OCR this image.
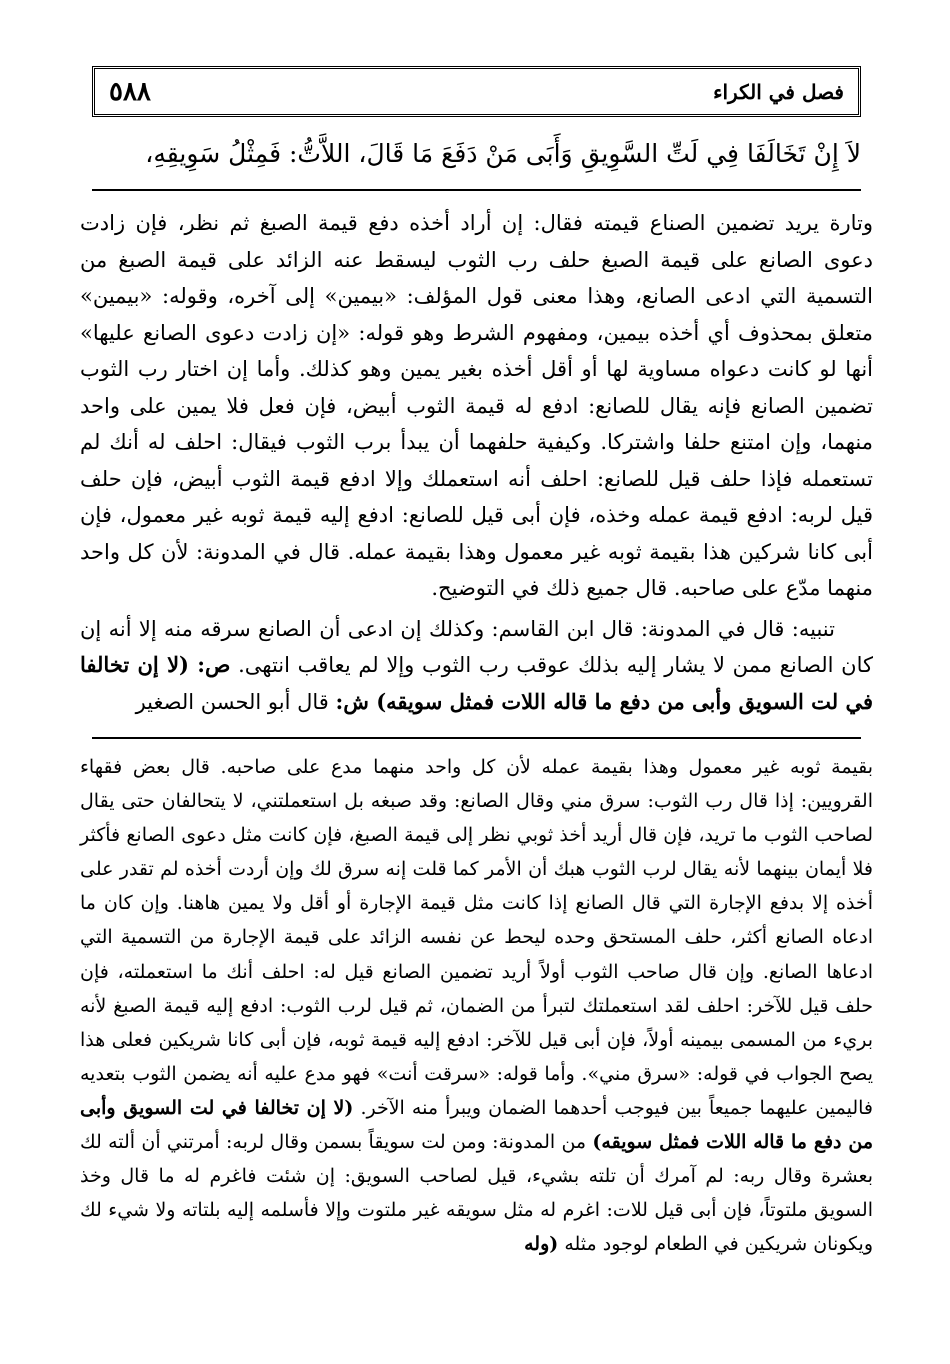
٥٨٨	فصل في الكراء
لاَ إِنْ تَخَالَفَا فِي لَتِّ السَّوِيقِ وَأَبَى مَنْ دَفَعَ مَا قَالَ، اللاَّتُّ: فَمِثْلُ سَوِيقِهِ،

وتارة يريد تضمين الصناع قيمته فقال: إن أراد أخذه دفع قيمة الصبغ ثم نظر، فإن زادت دعوى الصانع على قيمة الصبغ حلف رب الثوب ليسقط عنه الزائد على قيمة الصبغ من التسمية التي ادعى الصانع، وهذا معنى قول المؤلف: «بيمين» إلى آخره، وقوله: «بيمين» متعلق بمحذوف أي أخذه بيمين، ومفهوم الشرط وهو قوله: «إن زادت دعوى الصانع عليها» أنها لو كانت دعواه مساوية لها أو أقل أخذه بغير يمين وهو كذلك. وأما إن اختار رب الثوب تضمين الصانع فإنه يقال للصانع: ادفع له قيمة الثوب أبيض، فإن فعل فلا يمين على واحد منهما، وإن امتنع حلفا واشتركا. وكيفية حلفهما أن يبدأ برب الثوب فيقال: احلف له أنك لم تستعمله فإذا حلف قيل للصانع: احلف أنه استعملك وإلا ادفع قيمة الثوب أبيض، فإن حلف قيل لربه: ادفع قيمة عمله وخذه، فإن أبى قيل للصانع: ادفع إليه قيمة ثوبه غير معمول، فإن أبى كانا شركين هذا بقيمة ثوبه غير معمول وهذا بقيمة عمله. قال في المدونة: لأن كل واحد منهما مدّع على صاحبه. قال جميع ذلك في التوضيح.

تنبيه: قال في المدونة: قال ابن القاسم: وكذلك إن ادعى أن الصانع سرقه منه إلا أنه إن كان الصانع ممن لا يشار إليه بذلك عوقب رب الثوب وإلا لم يعاقب انتهى. ص: (لا إن تخالفا في لت السويق وأبى من دفع ما قاله اللات فمثل سويقه) ش: قال أبو الحسن الصغير

بقيمة ثوبه غير معمول وهذا بقيمة عمله لأن كل واحد منهما مدع على صاحبه. قال بعض فقهاء القرويين: إذا قال رب الثوب: سرق مني وقال الصانع: وقد صبغه بل استعملتني، لا يتحالفان حتى يقال لصاحب الثوب ما تريد، فإن قال أريد أخذ ثوبي نظر إلى قيمة الصبغ، فإن كانت مثل دعوى الصانع فأكثر فلا أيمان بينهما لأنه يقال لرب الثوب هبك أن الأمر كما قلت إنه سرق لك وإن أردت أخذه لم تقدر على أخذه إلا بدفع الإجارة التي قال الصانع إذا كانت مثل قيمة الإجارة أو أقل ولا يمين هاهنا. وإن كان ما ادعاه الصانع أكثر، حلف المستحق وحده ليحط عن نفسه الزائد على قيمة الإجارة من التسمية التي ادعاها الصانع. وإن قال صاحب الثوب أولاً أريد تضمين الصانع قيل له: احلف أنك ما استعملته، فإن حلف قيل للآخر: احلف لقد استعملتك لتبرأ من الضمان، ثم قيل لرب الثوب: ادفع إليه قيمة الصبغ لأنه بريء من المسمى بيمينه أولاً، فإن أبى قيل للآخر: ادفع إليه قيمة ثوبه، فإن أبى كانا شريكين فعلى هذا يصح الجواب في قوله: «سرق مني». وأما قوله: «سرقت أنت» فهو مدع عليه أنه يضمن الثوب بتعديه فاليمين عليهما جميعاً بين فيوجب أحدهما الضمان ويبرأ منه الآخر. (لا إن تخالفا في لت السويق وأبى من دفع ما قاله اللات فمثل سويقه) من المدونة: ومن لت سويقاً بسمن وقال لربه: أمرتني أن ألته لك بعشرة وقال ربه: لم آمرك أن تلته بشيء، قيل لصاحب السويق: إن شئت فاغرم له ما قال وخذ السويق ملتوتاً، فإن أبى قيل للات: اغرم له مثل سويقه غير ملتوت وإلا فأسلمه إليه بلتاته ولا شيء لك ويكونان شريكين في الطعام لوجود مثله (وله
